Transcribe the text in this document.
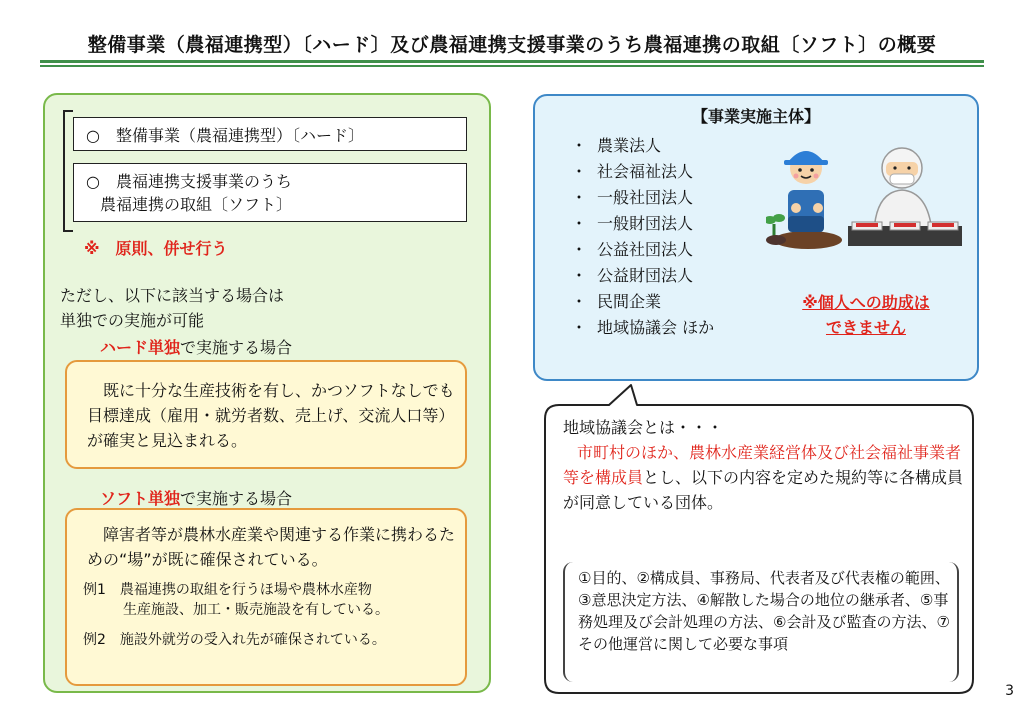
整備事業（農福連携型）〔ハード〕及び農福連携支援事業のうち農福連携の取組〔ソフト〕の概要
○　整備事業（農福連携型）〔ハード〕
○　農福連携支援事業のうち
農福連携の取組〔ソフト〕
※　原則、併せ行う
ただし、以下に該当する場合は
単独での実施が可能
ハード単独で実施する場合
　既に十分な生産技術を有し、かつソフトなしでも目標達成（雇用・就労者数、売上げ、交流人口等）が確実と見込まれる。
ソフト単独で実施する場合
　障害者等が農林水産業や関連する作業に携わるための“場”が既に確保されている。
例1　農福連携の取組を行うほ場や農林水産物
生産施設、加工・販売施設を有している。
例2　施設外就労の受入れ先が確保されている。
【事業実施主体】
・ 農業法人
・ 社会福祉法人
・ 一般社団法人
・ 一般財団法人
・ 公益社団法人
・ 公益財団法人
・ 民間企業
・ 地域協議会 ほか
※個人への助成は
できません
地域協議会とは・・・
市町村のほか、農林水産業経営体及び社会福祉事業者等を構成員とし、以下の内容を定めた規約等に各構成員が同意している団体。
①目的、②構成員、事務局、代表者及び代表権の範囲、③意思決定方法、④解散した場合の地位の継承者、⑤事務処理及び会計処理の方法、⑥会計及び監査の方法、⑦その他運営に関して必要な事項
3
